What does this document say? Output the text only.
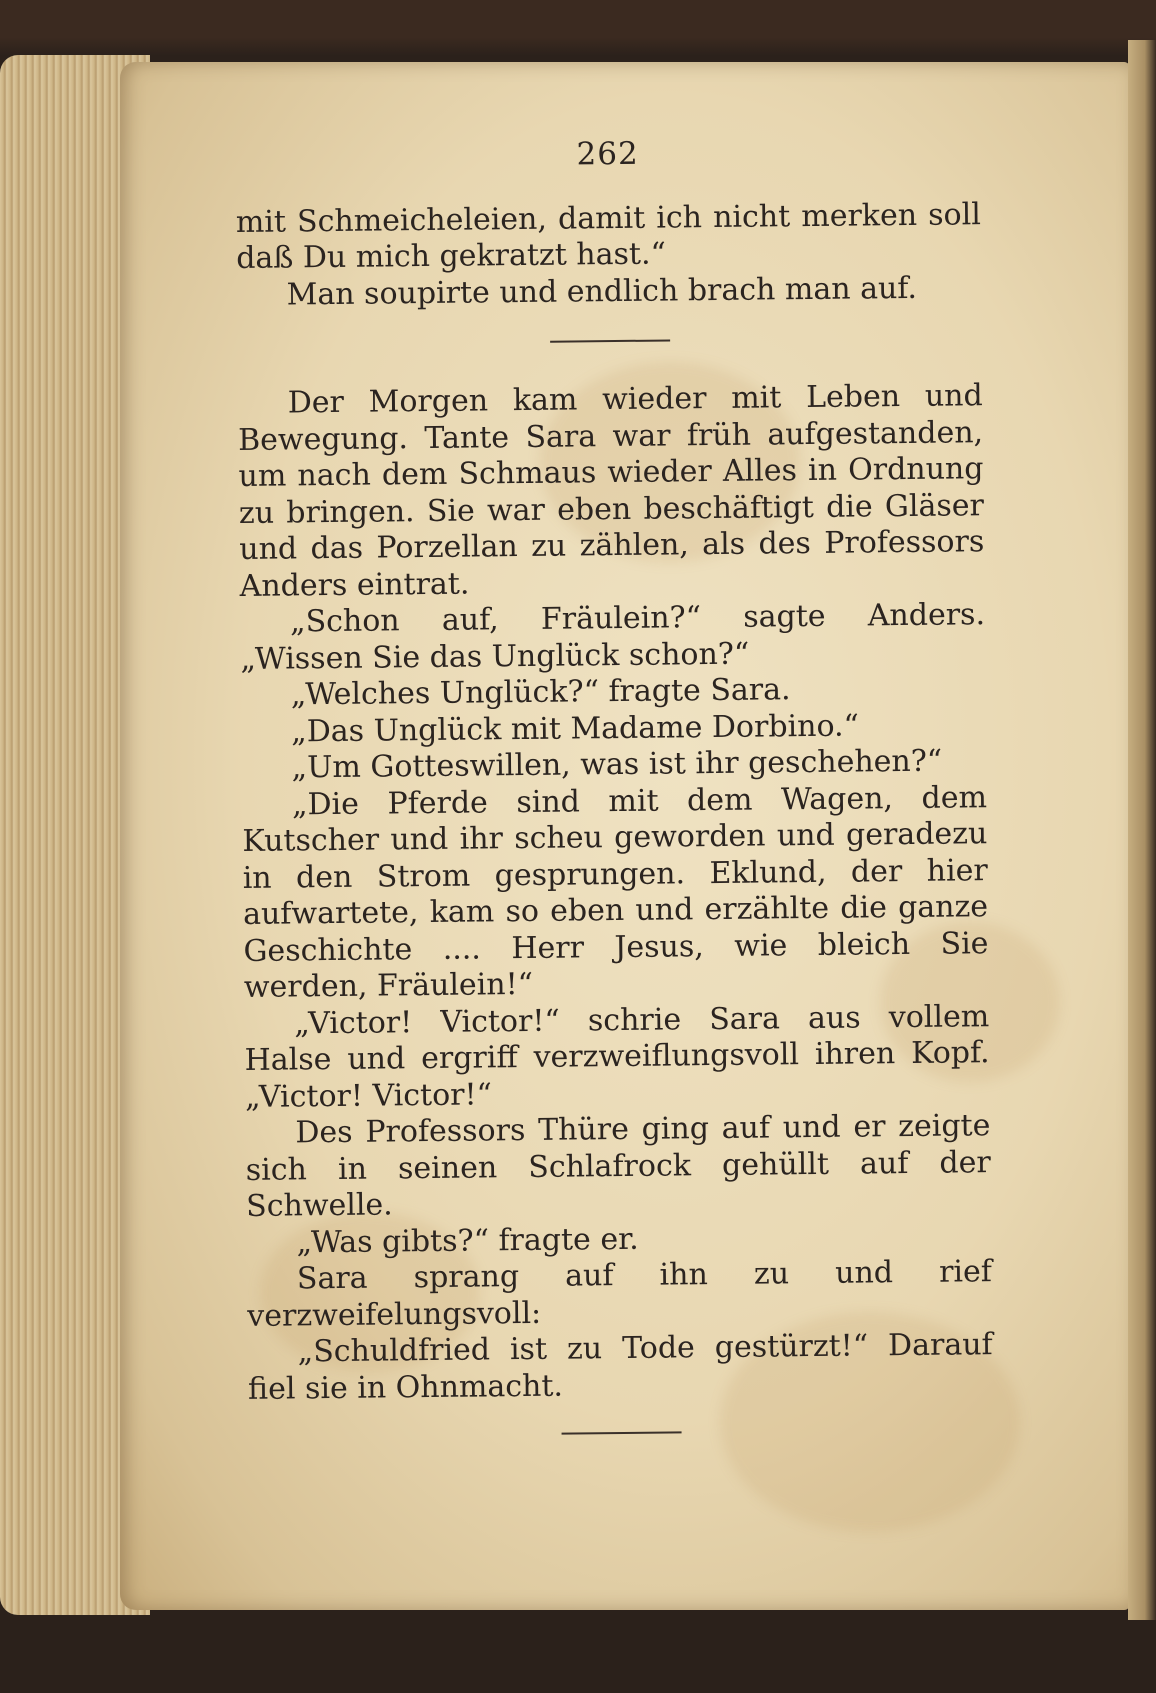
262

mit Schmeicheleien, damit ich nicht merken soll daß Du mich gekratzt hast.“

Man soupirte und endlich brach man auf.

Der Morgen kam wieder mit Leben und Bewegung. Tante Sara war früh aufgestanden, um nach dem Schmaus wieder Alles in Ordnung zu bringen. Sie war eben beschäftigt die Gläser und das Porzellan zu zählen, als des Professors Anders eintrat.

„Schon auf, Fräulein?“ sagte Anders. „Wissen Sie das Unglück schon?“

„Welches Unglück?“ fragte Sara.

„Das Unglück mit Madame Dorbino.“

„Um Gotteswillen, was ist ihr geschehen?“

„Die Pferde sind mit dem Wagen, dem Kutscher und ihr scheu geworden und geradezu in den Strom gesprungen. Eklund, der hier aufwartete, kam so eben und erzählte die ganze Geschichte .... Herr Jesus, wie bleich Sie werden, Fräulein!“

„Victor! Victor!“ schrie Sara aus vollem Halse und ergriff verzweiflungsvoll ihren Kopf. „Victor! Victor!“

Des Professors Thüre ging auf und er zeigte sich in seinen Schlafrock gehüllt auf der Schwelle.

„Was gibts?“ fragte er.

Sara sprang auf ihn zu und rief verzweifelungsvoll:

„Schuldfried ist zu Tode gestürzt!“ Darauf fiel sie in Ohnmacht.
